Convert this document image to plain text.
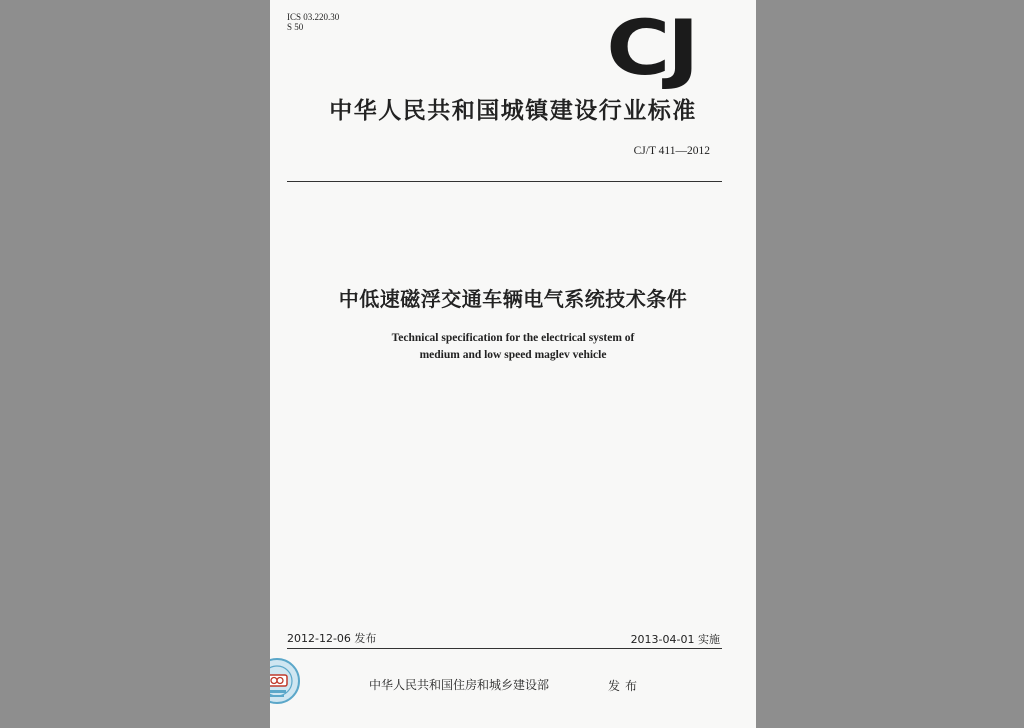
ICS 03.220.30
S 50	CJ
中华人民共和国城镇建设行业标准
CJ/T 411—2012
中低速磁浮交通车辆电气系统技术条件
Technical specification for the electrical system of
medium and low speed maglev vehicle
2012-12-06 发布	2013-04-01 实施
中华人民共和国住房和城乡建设部	发布
